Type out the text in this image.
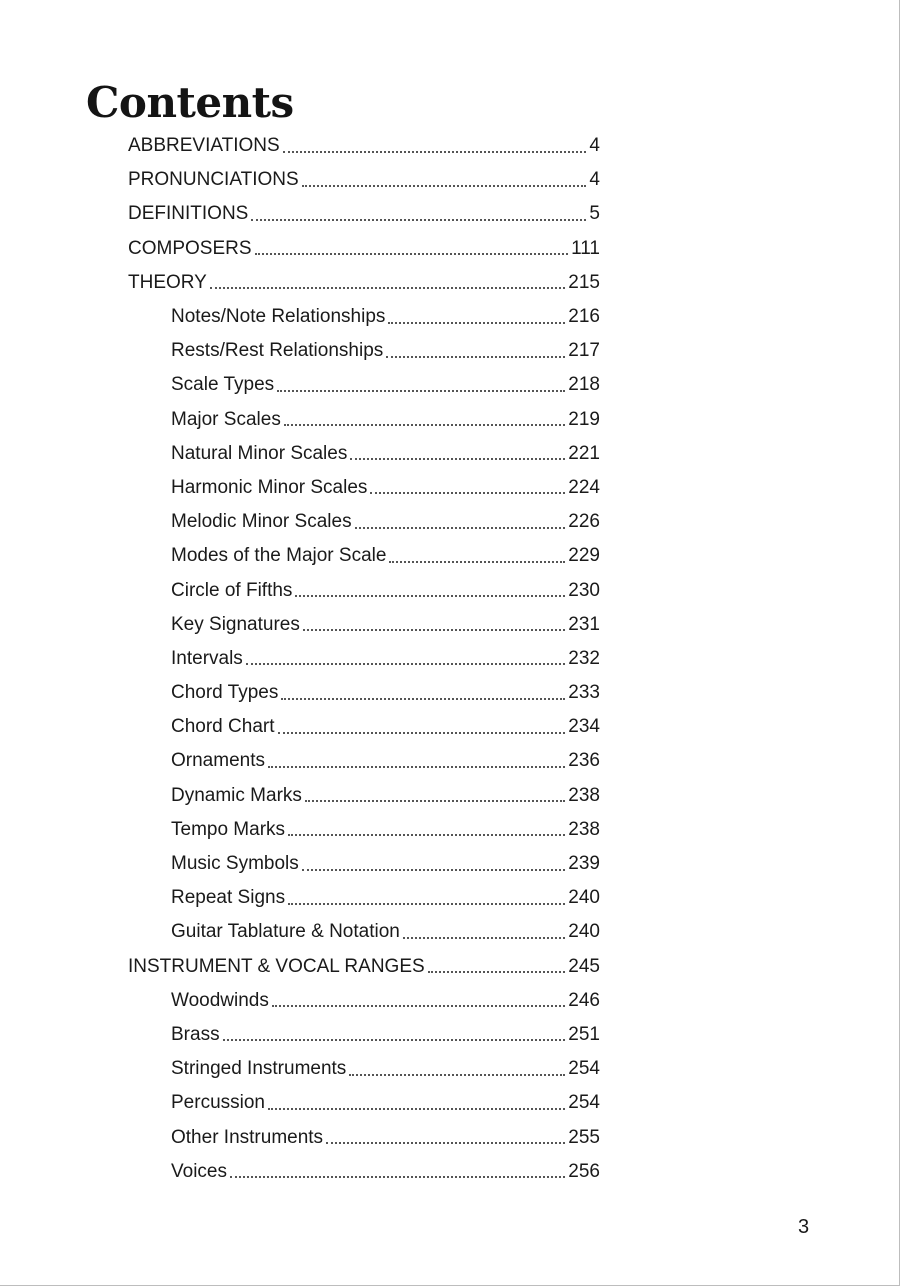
Contents
ABBREVIATIONS	4
PRONUNCIATIONS	4
DEFINITIONS	5
COMPOSERS	111
THEORY	215
Notes/Note Relationships	216
Rests/Rest Relationships	217
Scale Types	218
Major Scales	219
Natural Minor Scales	221
Harmonic Minor Scales	224
Melodic Minor Scales	226
Modes of the Major Scale	229
Circle of Fifths	230
Key Signatures	231
Intervals	232
Chord Types	233
Chord Chart	234
Ornaments	236
Dynamic Marks	238
Tempo Marks	238
Music Symbols	239
Repeat Signs	240
Guitar Tablature & Notation	240
INSTRUMENT & VOCAL RANGES	245
Woodwinds	246
Brass	251
Stringed Instruments	254
Percussion	254
Other Instruments	255
Voices	256
3
